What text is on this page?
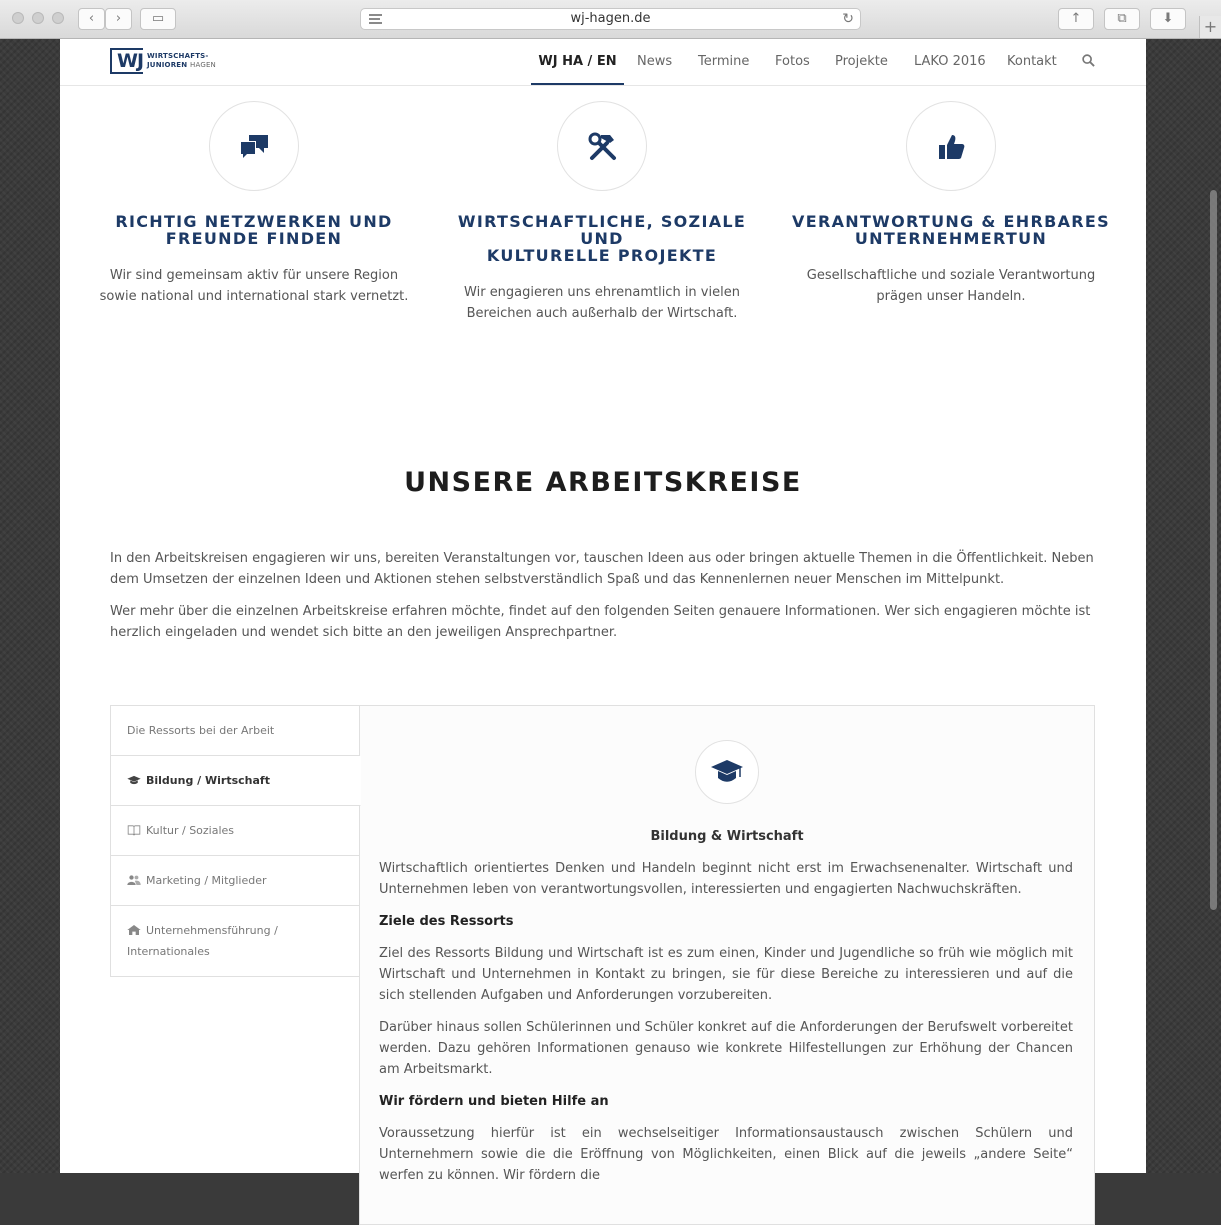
‹	›	▭	wj-hagen.de	↻	↑	⧉	⬇	+
WJ WIRTSCHAFTS-
JUNIOREN HAGEN	WJ HA / EN	News Termine Fotos Projekte LAKO 2016 Kontakt
RICHTIG NETZWERKEN UND
FREUNDE FINDEN

Wir sind gemeinsam aktiv für unsere Region
sowie national und international stark vernetzt.

WIRTSCHAFTLICHE, SOZIALE UND
KULTURELLE PROJEKTE

Wir engagieren uns ehrenamtlich in vielen
Bereichen auch außerhalb der Wirtschaft.

VERANTWORTUNG & EHRBARES
UNTERNEHMERTUN

Gesellschaftliche und soziale Verantwortung
prägen unser Handeln.

UNSERE ARBEITSKREISE
In den Arbeitskreisen engagieren wir uns, bereiten Veranstaltungen vor, tauschen Ideen aus oder bringen aktuelle Themen in die Öffentlichkeit. Neben dem Umsetzen der einzelnen Ideen und Aktionen stehen selbstverständlich Spaß und das Kennenlernen neuer Menschen im Mittelpunkt.
Wer mehr über die einzelnen Arbeitskreise erfahren möchte, findet auf den folgenden Seiten genauere Informationen. Wer sich engagieren möchte ist herzlich eingeladen und wendet sich bitte an den jeweiligen Ansprechpartner.
Die Ressorts bei der Arbeit
Bildung / Wirtschaft
Kultur / Soziales
Marketing / Mitglieder
Unternehmensführung / Internationales
Bildung & Wirtschaft

Wirtschaftlich orientiertes Denken und Handeln beginnt nicht erst im Erwachsenenalter. Wirtschaft und Unternehmen leben von verantwortungsvollen, interessierten und engagierten Nachwuchskräften.

Ziele des Ressorts

Ziel des Ressorts Bildung und Wirtschaft ist es zum einen, Kinder und Jugendliche so früh wie möglich mit Wirtschaft und Unternehmen in Kontakt zu bringen, sie für diese Bereiche zu interessieren und auf die sich stellenden Aufgaben und Anforderungen vorzubereiten.

Darüber hinaus sollen Schülerinnen und Schüler konkret auf die Anforderungen der Berufswelt vorbereitet werden. Dazu gehören Informationen genauso wie konkrete Hilfestellungen zur Erhöhung der Chancen am Arbeitsmarkt.

Wir fördern und bieten Hilfe an

Voraussetzung hierfür ist ein wechselseitiger Informationsaustausch zwischen Schülern und Unternehmern sowie die die Eröffnung von Möglichkeiten, einen Blick auf die jeweils „andere Seite“ werfen zu können. Wir fördern die
